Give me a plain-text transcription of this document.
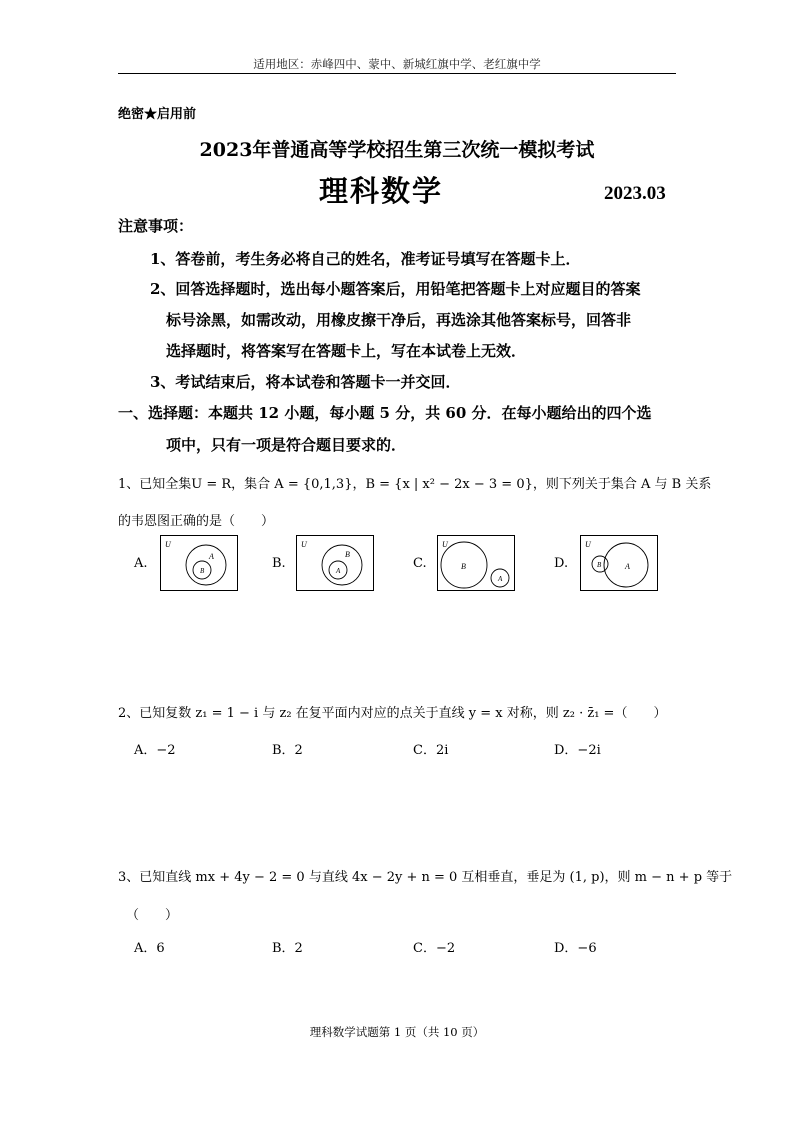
适用地区：赤峰四中、蒙中、新城红旗中学、老红旗中学
绝密★启用前
2023年普通高等学校招生第三次统一模拟考试
理科数学	2023.03
注意事项：
1、答卷前，考生务必将自己的姓名，准考证号填写在答题卡上．
2、回答选择题时，选出每小题答案后，用铅笔把答题卡上对应题目的答案
标号涂黑，如需改动，用橡皮擦干净后，再选涂其他答案标号，回答非
选择题时，将答案写在答题卡上，写在本试卷上无效．
3、考试结束后，将本试卷和答题卡一并交回．
一、选择题：本题共 12 小题，每小题 5 分，共 60 分．在每小题给出的四个选
项中，只有一项是符合题目要求的．
1、已知全集U = R，集合 A = {0,1,3}，B = {x | x² − 2x − 3 = 0}，则下列关于集合 A 与 B 关系
的韦恩图正确的是（　　）
A.
U
A
B	B.
U
B
A	C.
U
B
A
D.
U
A
B
2、已知复数 z₁ = 1 − i 与 z₂ 在复平面内对应的点关于直线 y = x 对称，则 z₂ · z̄₁ =（　　）
A．−2	B．2	C．2i	D．−2i
3、已知直线 mx + 4y − 2 = 0 与直线 4x − 2y + n = 0 互相垂直，垂足为 (1, p)，则 m − n + p 等于
（　　）
A．6	B．2	C．−2	D．−6
理科数学试题第 1 页（共 10 页）
